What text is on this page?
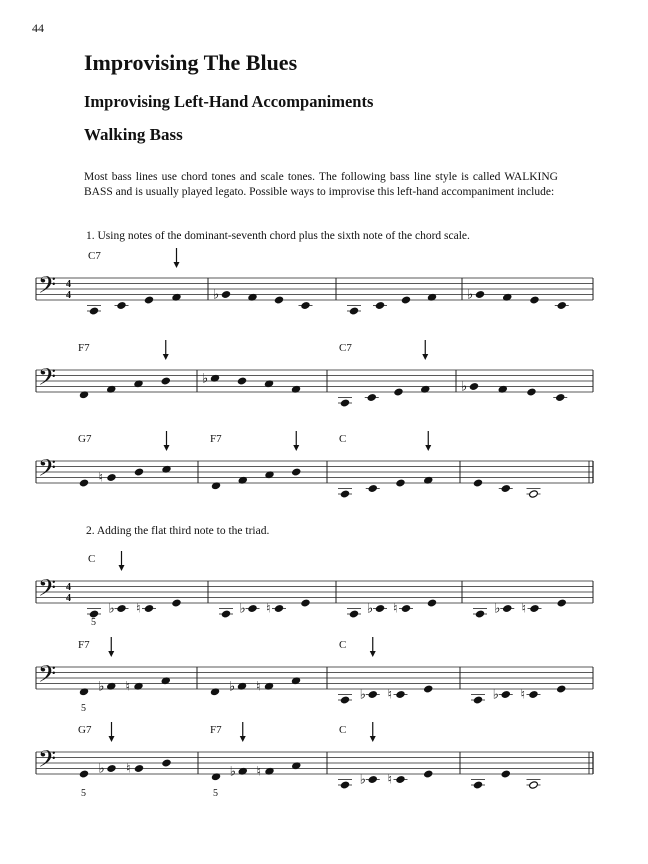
44
Improvising The Blues
Improvising Left-Hand Accompaniments
Walking Bass

Most bass lines use chord tones and scale tones. The following bass line style is called WALKING BASS and is usually played legato. Possible ways to improvise this left-hand accompaniment include:

1. Using notes of the dominant-seventh chord plus the sixth note of the chord scale.

2. Adding the flat third note to the triad.

𝄢 4
4
C7
♭	♭
𝄢
F7
♭
C7
♭
𝄢
G7
♮
F7	C
𝄢 4
4
C
5
♭ ♮	♭ ♮	♭ ♮	♭ ♮
𝄢
F7
5
♭ ♮	♭ ♮
C
♭ ♮	♭ ♮
𝄢
G7
5
♭ ♮
F7
5
♭ ♮
C
♭ ♮
